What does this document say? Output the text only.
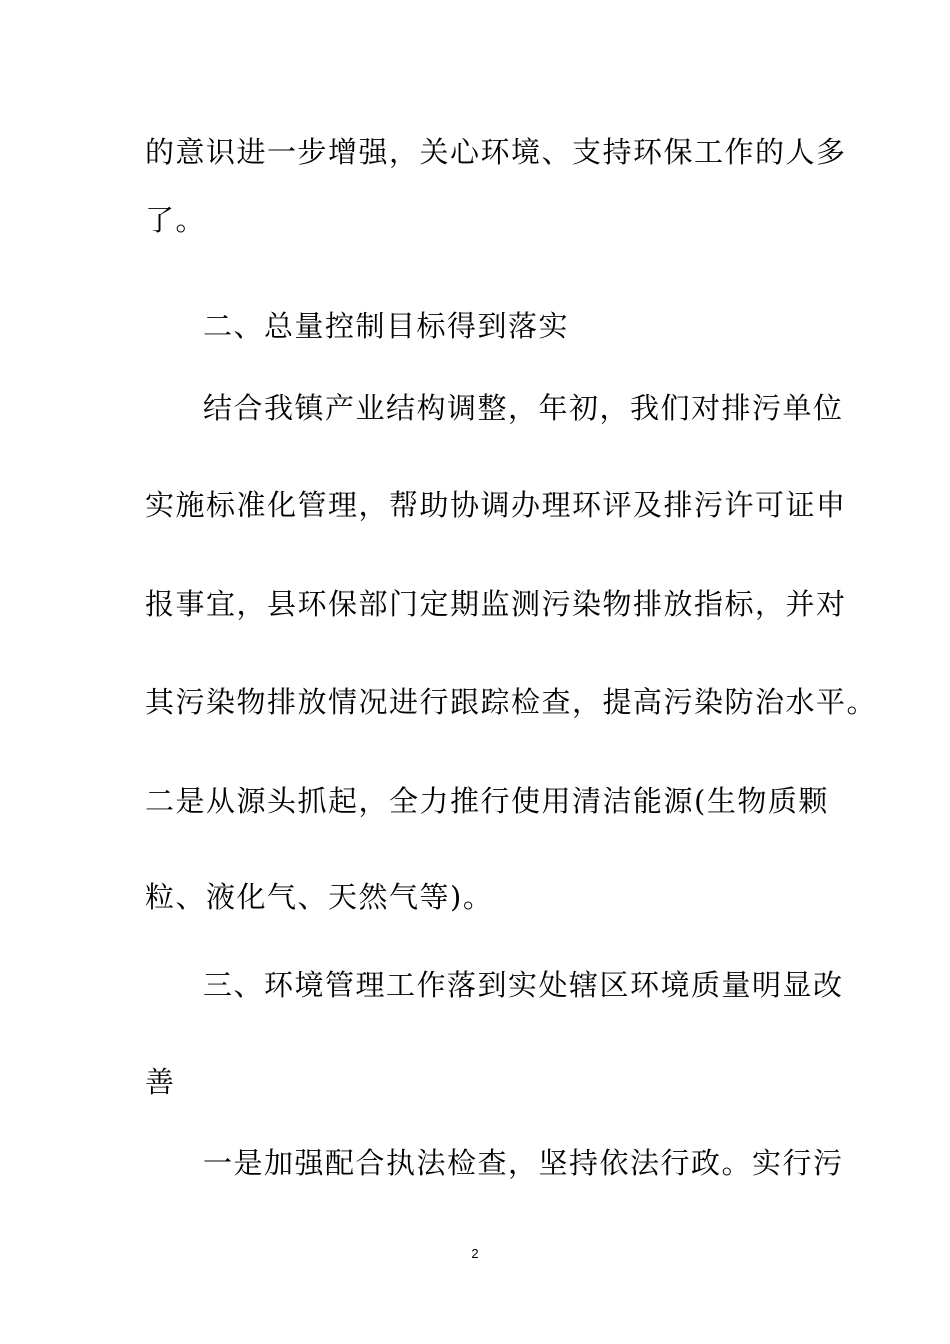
的意识进一步增强，关心环境、支持环保工作的人多
了。
二、总量控制目标得到落实
结合我镇产业结构调整，年初，我们对排污单位
实施标准化管理，帮助协调办理环评及排污许可证申
报事宜，县环保部门定期监测污染物排放指标，并对
其污染物排放情况进行跟踪检查，提高污染防治水平。
二是从源头抓起，全力推行使用清洁能源(生物质颗
粒、液化气、天然气等)。
三、环境管理工作落到实处辖区环境质量明显改
善
一是加强配合执法检查，坚持依法行政。实行污
2
